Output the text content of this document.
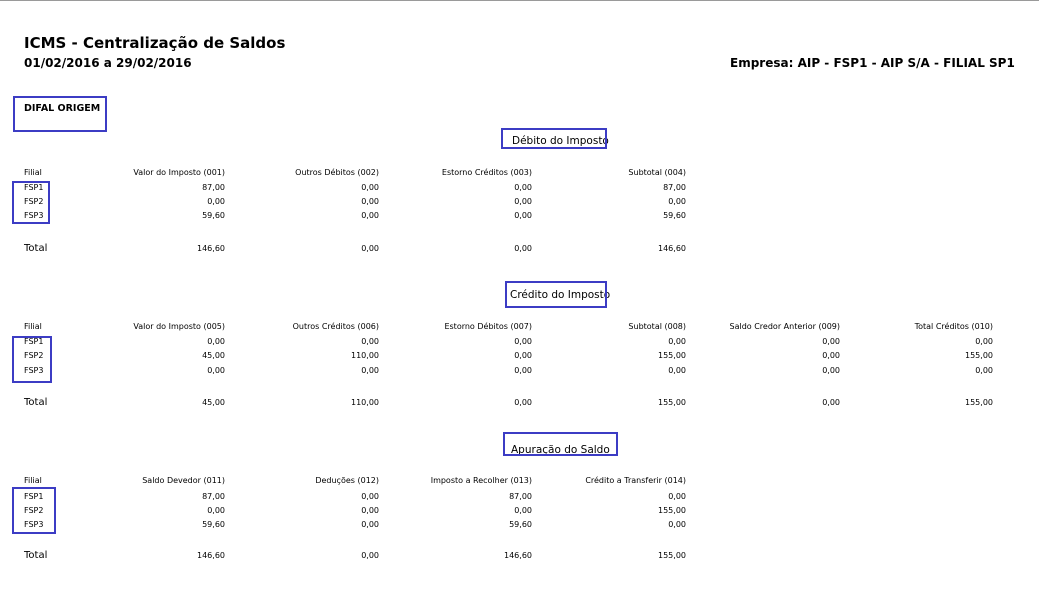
ICMS - Centralização de Saldos
01/02/2016 a 29/02/2016	Empresa: AIP - FSP1 - AIP S/A - FILIAL SP1
DIFAL ORIGEM
Débito do Imposto
Filial	Valor do Imposto (001)	Outros Débitos (002)	Estorno Créditos (003)	Subtotal (004)
FSP1	87,00	0,00	0,00	87,00
FSP2	0,00	0,00	0,00	0,00
FSP3	59,60	0,00	0,00	59,60
Total	146,60	0,00	0,00	146,60
Crédito do Imposto
Filial	Valor do Imposto (005)	Outros Créditos (006)	Estorno Débitos (007)	Subtotal (008)	Saldo Credor Anterior (009)	Total Créditos (010)
FSP1	0,00	0,00	0,00	0,00	0,00	0,00
FSP2	45,00	110,00	0,00	155,00	0,00	155,00
FSP3	0,00	0,00	0,00	0,00	0,00	0,00
Total	45,00	110,00	0,00	155,00	0,00	155,00
Apuração do Saldo
Filial	Saldo Devedor (011)	Deduções (012)	Imposto a Recolher (013)	Crédito a Transferir (014)
FSP1	87,00	0,00	87,00	0,00
FSP2	0,00	0,00	0,00	155,00
FSP3	59,60	0,00	59,60	0,00
Total	146,60	0,00	146,60	155,00
